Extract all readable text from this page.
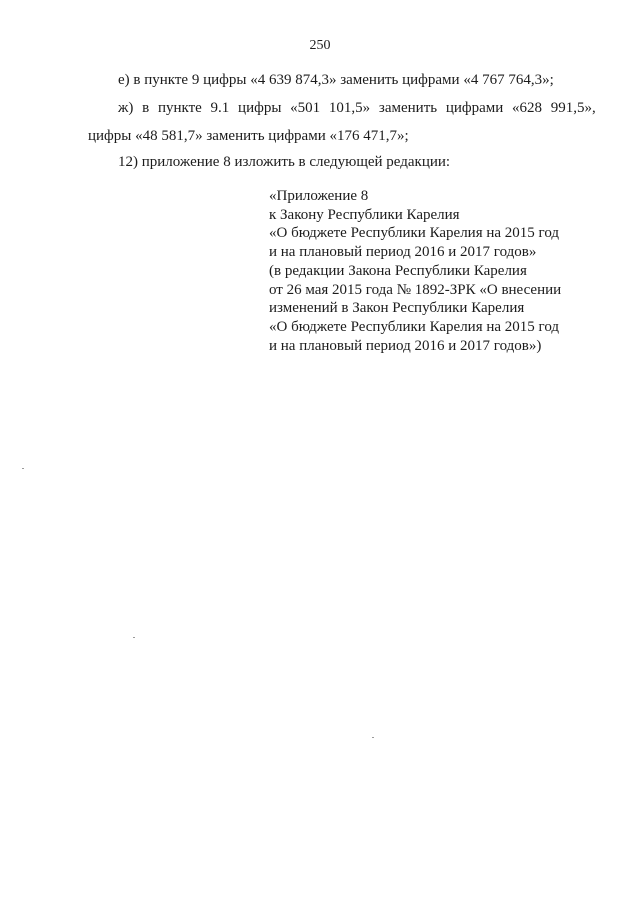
250
е) в пункте 9 цифры «4 639 874,3» заменить цифрами «4 767 764,3»;
ж) в пункте 9.1 цифры «501 101,5» заменить цифрами «628 991,5»,
цифры «48 581,7» заменить цифрами «176 471,7»;
12) приложение 8 изложить в следующей редакции:
«Приложение 8
к Закону Республики Карелия
«О бюджете Республики Карелия на 2015 год
и на плановый период 2016 и 2017 годов»
(в редакции Закона Республики Карелия
от 26 мая 2015 года № 1892-ЗРК «О внесении
изменений в Закон Республики Карелия
«О бюджете Республики Карелия на 2015 год
и на плановый период 2016 и 2017 годов»)
